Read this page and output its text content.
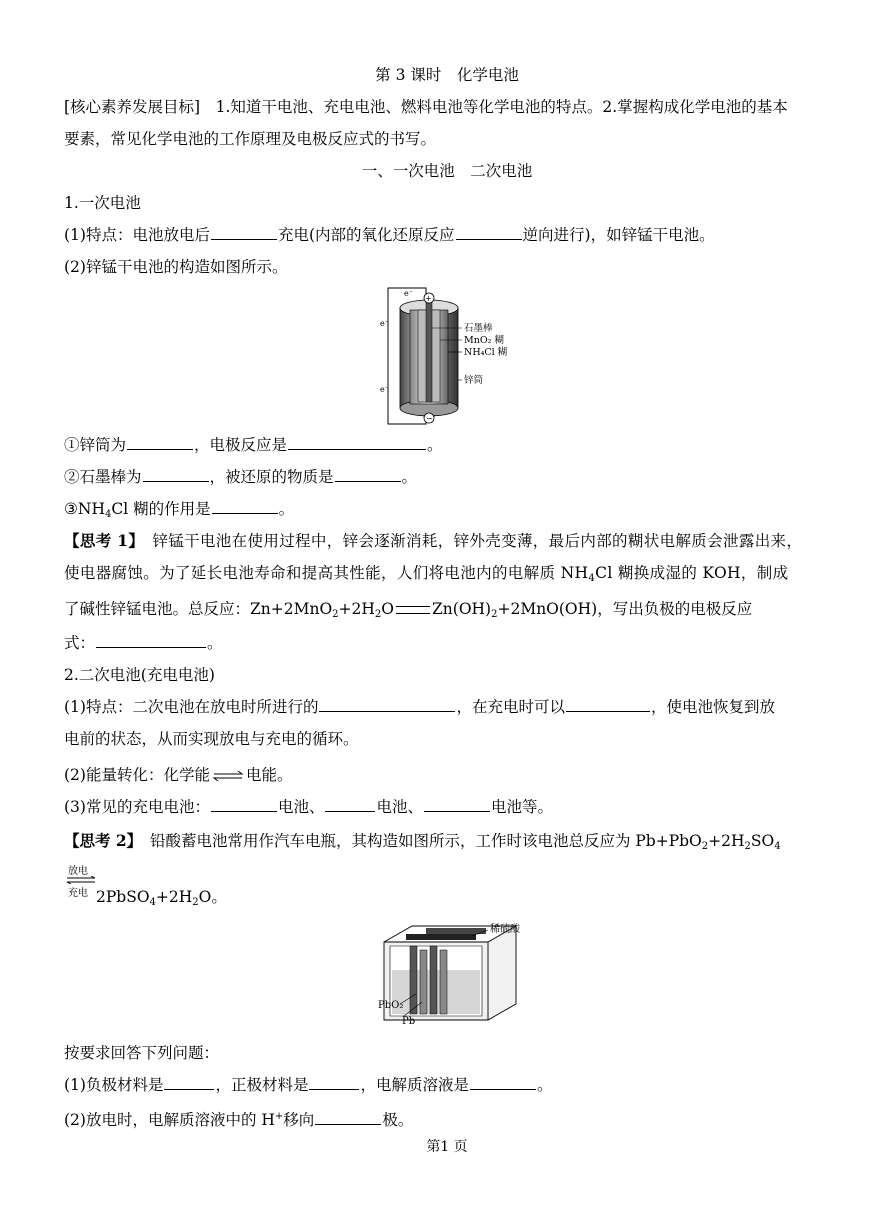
第 3 课时　化学电池
[核心素养发展目标]　1.知道干电池、充电电池、燃料电池等化学电池的特点。2.掌握构成化学电池的基本
要素，常见化学电池的工作原理及电极反应式的书写。
一、一次电池　二次电池
1.一次电池
(1)特点：电池放电后	充电(内部的氧化还原反应	逆向进行)，如锌锰干电池。
(2)锌锰干电池的构造如图所示。
e⁻
e⁻
e⁻
+
−
石墨棒
MnO₂ 糊
NH₄Cl 糊
锌筒
①锌筒为	，电极反应是	。
②石墨棒为	，被还原的物质是	。
$③NH_4Cl$ 糊的作用是	。
【思考 1】　锌锰干电池在使用过程中，锌会逐渐消耗，锌外壳变薄，最后内部的糊状电解质会泄露出来，
使电器腐蚀。为了延长电池寿命和提高其性能，人们将电池内的电解质 $NH_4Cl$ 糊换成湿的 KOH，制成
了碱性锌锰电池。总反应：$Zn+2MnO_2+2H_2O$ $Zn(OH)_2+2MnO(OH)$，写出负极的电极反应
式：	。
2.二次电池(充电电池)
(1)特点：二次电池在放电时所进行的	，在充电时可以	，使电池恢复到放
电前的状态，从而实现放电与充电的循环。
(2)能量转化：化学能 电能。
(3)常见的充电电池：	电池、	电池、	电池等。
【思考 2】　铅酸蓄电池常用作汽车电瓶，其构造如图所示，工作时该电池总反应为 $Pb+PbO_2+2H_2SO_4$
放电
充电 $2PbSO_4+2H_2O$。
稀硫酸
PbO₂
Pb
按要求回答下列问题：
(1)负极材料是	，正极材料是	，电解质溶液是	。
(2)放电时，电解质溶液中的 H+移向	极。
第1 页
